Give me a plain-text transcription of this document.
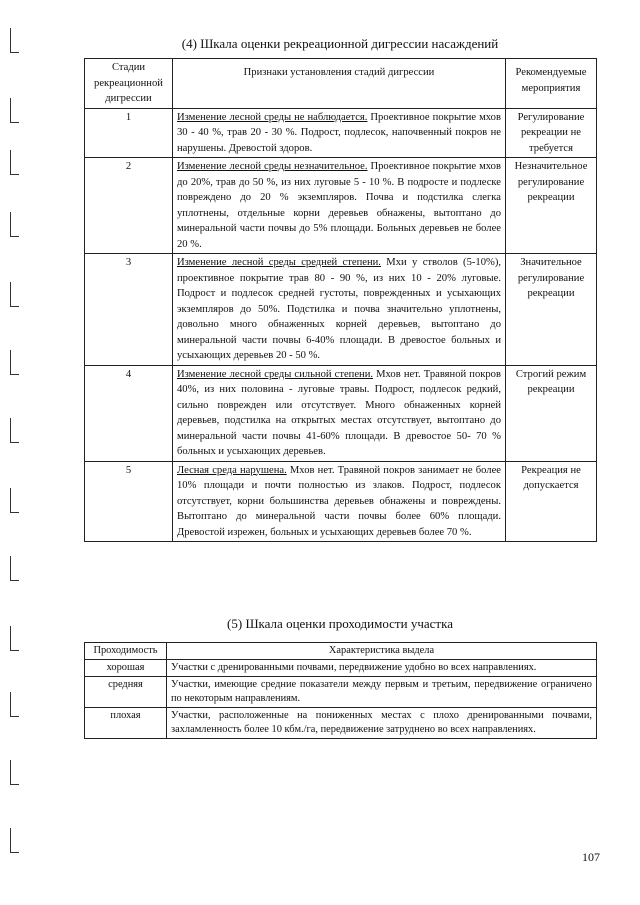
(4) Шкала оценки рекреационной дигрессии насаждений
Стадии рекреационной дигрессии	Признаки установления стадий дигрессии	Рекомендуемые мероприятия
1	Изменение лесной среды не наблюдается. Проективное покрытие мхов 30 - 40 %, трав 20 - 30 %. Подрост, подлесок, напочвенный покров не нарушены. Древостой здоров.	Регулирование рекреации не требуется
2	Изменение лесной среды незначительное. Проективное покрытие мхов до 20%, трав до 50 %, из них луговые 5 - 10 %. В подросте и подлеске повреждено до 20 % экземпляров. Почва и подстилка слегка уплотнены, отдельные корни деревьев обнажены, вытоптано до минеральной части почвы до 5% площади. Больных деревьев не более 20 %.	Незначительное регулирование рекреации
3	Изменение лесной среды средней степени. Мхи у стволов (5-10%), проективное покрытие трав 80 - 90 %, из них 10 - 20% луговые. Подрост и подлесок средней густоты, поврежденных и усыхающих экземпляров до 50%. Подстилка и почва значительно уплотнены, довольно много обнаженных корней деревьев, вытоптано до минеральной части почвы 6-40% площади. В древостое больных и усыхающих деревьев 20 - 50 %.	Значительное регулирование рекреации
4	Изменение лесной среды сильной степени. Мхов нет. Травяной покров 40%, из них половина - луговые травы. Подрост, подлесок редкий, сильно поврежден или отсутствует. Много обнаженных корней деревьев, подстилка на открытых местах отсутствует, вытоптано до минеральной части почвы 41-60% площади. В древостое 50- 70 % больных и усыхающих деревьев.	Строгий режим рекреации
5	Лесная среда нарушена. Мхов нет. Травяной покров занимает не более 10% площади и почти полностью из злаков. Подрост, подлесок отсутствует, корни большинства деревьев обнажены и повреждены. Вытоптано до минеральной части почвы более 60% площади. Древостой изрежен, больных и усыхающих деревьев более 70 %.	Рекреация не допускается
(5) Шкала оценки проходимости участка
Проходимость	Характеристика выдела
хорошая	Участки с дренированными почвами, передвижение удобно во всех направлениях.
средняя	Участки, имеющие средние показатели между первым и третьим, передвижение ограничено по некоторым направлениям.
плохая	Участки, расположенные на пониженных местах с плохо дренированными почвами, захламленность более 10 кбм./га, передвижение затруднено во всех направлениях.
107
